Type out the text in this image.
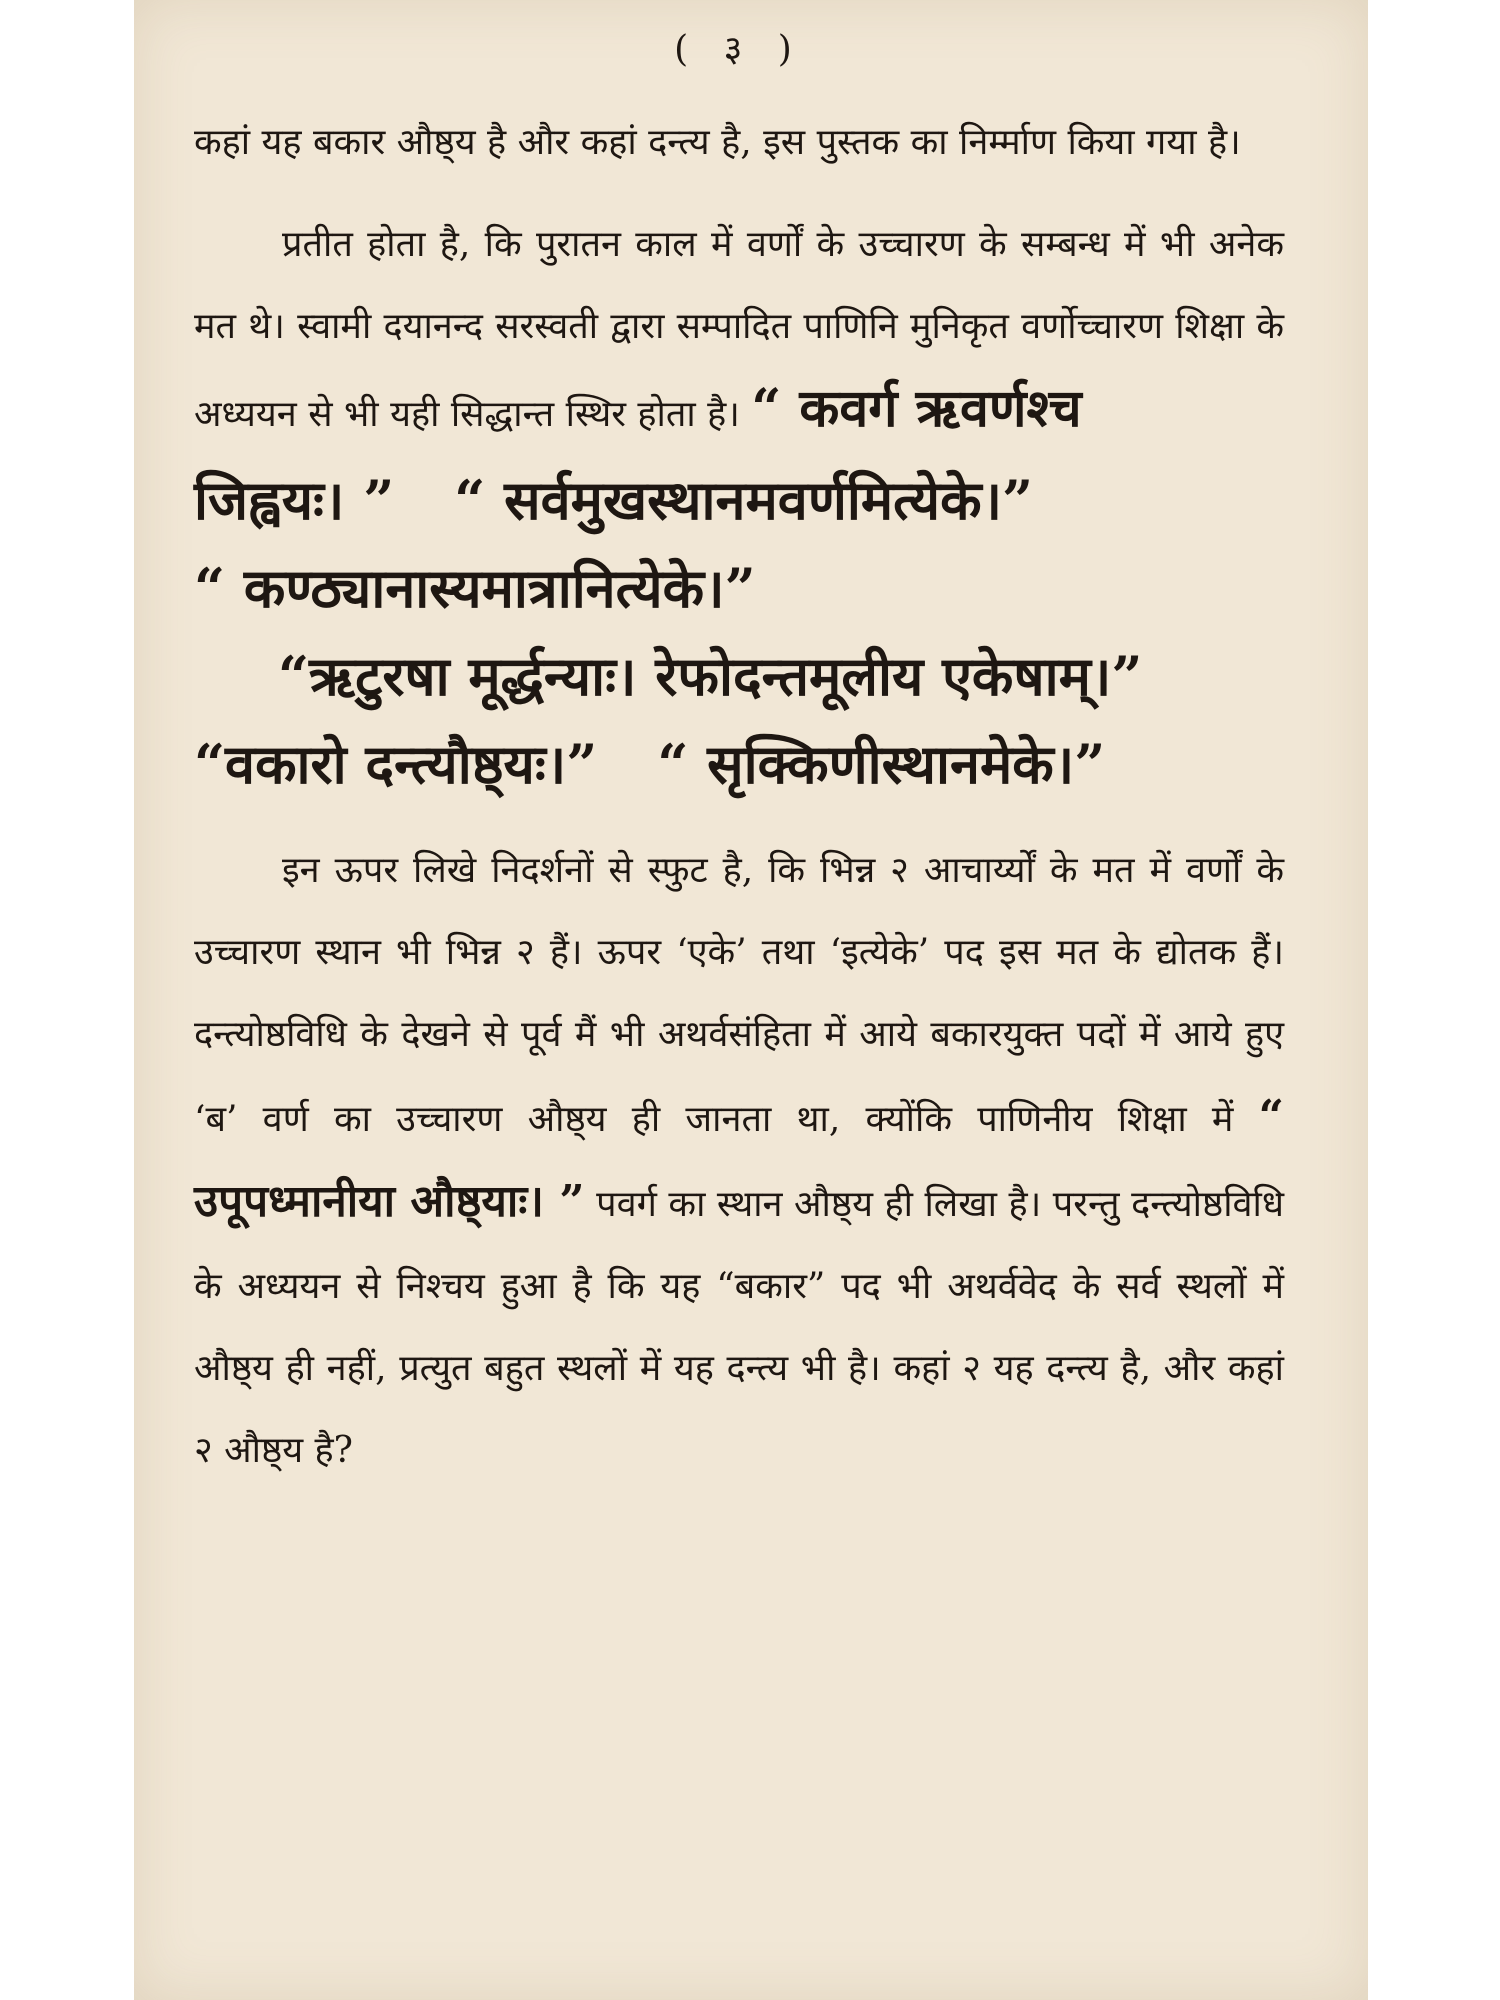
( ३ )

कहां यह बकार औष्ठ्य है और कहां दन्त्य है, इस पुस्तक का निर्म्माण किया गया है।

प्रतीत होता है, कि पुरातन काल में वर्णों के उच्चारण के सम्बन्ध में भी अनेक मत थे। स्वामी दयानन्द सरस्वती द्वारा सम्पादित पाणिनि मुनिकृत वर्णोच्चारण शिक्षा के अध्ययन से भी यही सिद्धान्त स्थिर होता है। “ कवर्ग ऋवर्णश्च

जिह्वयः। ” “ सर्वमुखस्थानमवर्णमित्येके।”
“ कण्ठ्यानास्यमात्रानित्येके।”
“ऋटुरषा मूर्द्धन्याः। रेफोदन्तमूलीय एकेषाम्।”
“वकारो दन्त्यौष्ठ्यः।” “ सृक्किणीस्थानमेके।”

इन ऊपर लिखे निदर्शनों से स्फुट है, कि भिन्न २ आचार्य्यों के मत में वर्णों के उच्चारण स्थान भी भिन्न २ हैं। ऊपर ‘एके’ तथा ‘इत्येके’ पद इस मत के द्योतक हैं। दन्त्योष्ठविधि के देखने से पूर्व मैं भी अथर्वसंहिता में आये बकारयुक्त पदों में आये हुए ‘ब’ वर्ण का उच्चारण औष्ठ्य ही जानता था, क्योंकि पाणिनीय शिक्षा में “ उपूपध्मानीया औष्ठ्याः। ” पवर्ग का स्थान औष्ठ्य ही लिखा है। परन्तु दन्त्योष्ठविधि के अध्ययन से निश्चय हुआ है कि यह “बकार” पद भी अथर्ववेद के सर्व स्थलों में औष्ठ्य ही नहीं, प्रत्युत बहुत स्थलों में यह दन्त्य भी है। कहां २ यह दन्त्य है, और कहां २ औष्ठ्य है?
